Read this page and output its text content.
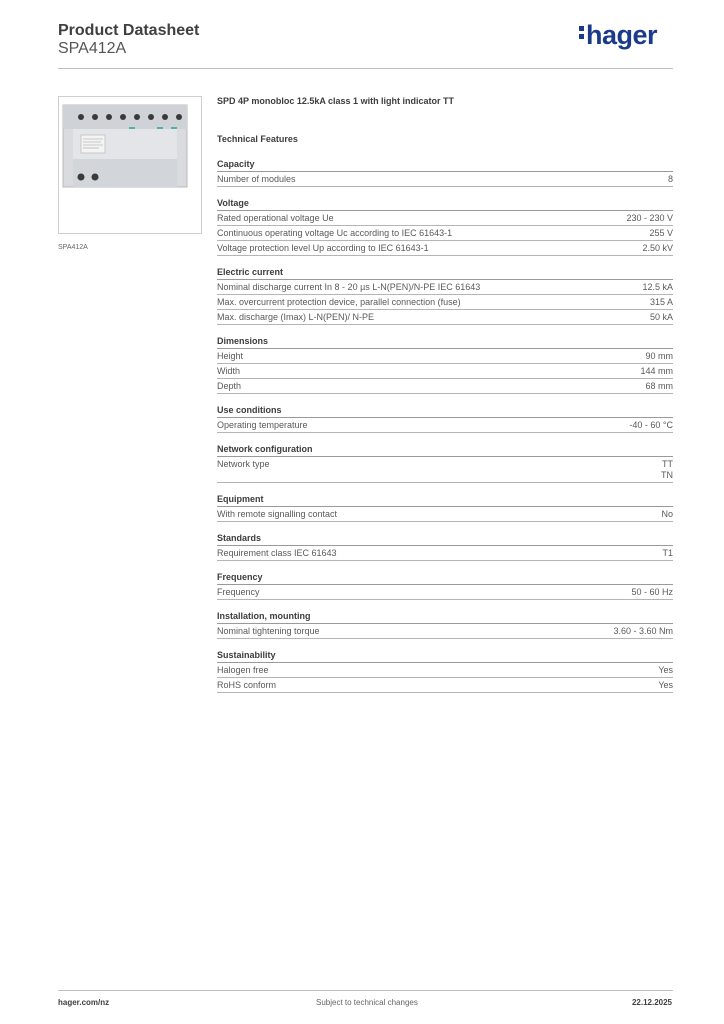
Product Datasheet
SPA412A	hager
SPA412A
SPD 4P monobloc 12.5kA class 1 with light indicator TT
Technical Features
Capacity
Number of modules	8
Voltage
Rated operational voltage Ue	230 - 230 V
Continuous operating voltage Uc according to IEC 61643-1	255 V
Voltage protection level Up according to IEC 61643-1	2.50 kV
Electric current
Nominal discharge current In 8 - 20 µs L-N(PEN)/N-PE IEC 61643	12.5 kA
Max. overcurrent protection device, parallel connection (fuse)	315 A
Max. discharge (Imax) L-N(PEN)/ N-PE	50 kA
Dimensions
Height	90 mm
Width	144 mm
Depth	68 mm
Use conditions
Operating temperature	-40 - 60 °C
Network configuration
Network type	TT
TN
Equipment
With remote signalling contact	No
Standards
Requirement class IEC 61643	T1
Frequency
Frequency	50 - 60 Hz
Installation, mounting
Nominal tightening torque	3.60 - 3.60 Nm
Sustainability
Halogen free	Yes
RoHS conform	Yes
hager.com/nz	Subject to technical changes	22.12.2025
